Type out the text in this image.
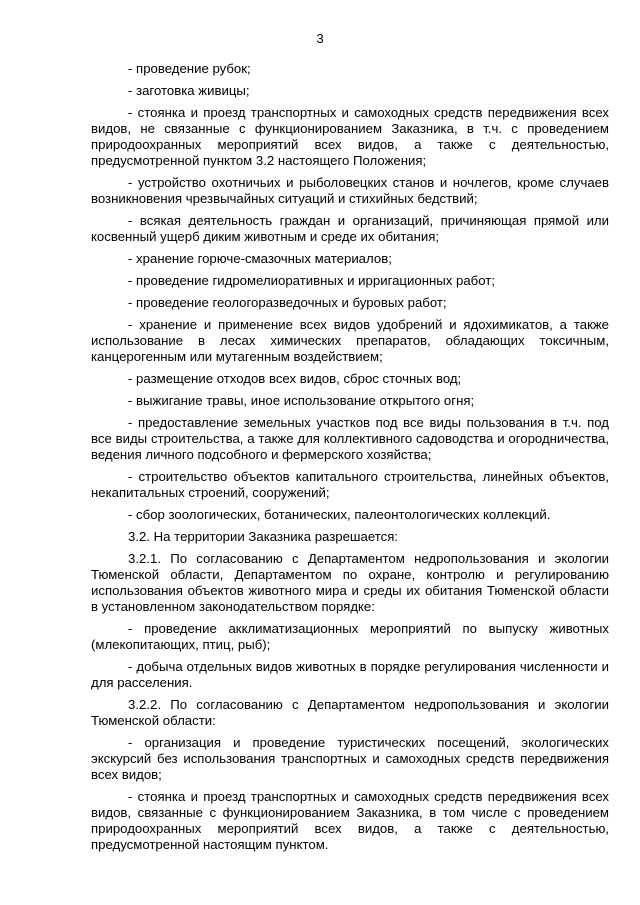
3

- проведение рубок;

- заготовка живицы;

- стоянка и проезд транспортных и самоходных средств передвижения всех видов, не связанные с функционированием Заказника, в т.ч. с проведением природоохранных мероприятий всех видов, а также с деятельностью, предусмотренной пунктом 3.2 настоящего Положения;

- устройство охотничьих и рыболовецких станов и ночлегов, кроме случаев возникновения чрезвычайных ситуаций и стихийных бедствий;

- всякая деятельность граждан и организаций, причиняющая прямой или косвенный ущерб диким животным и среде их обитания;

- хранение горюче-смазочных материалов;

- проведение гидромелиоративных и ирригационных работ;

- проведение геологоразведочных и буровых работ;

- хранение и применение всех видов удобрений и ядохимикатов, а также использование в лесах химических препаратов, обладающих токсичным, канцерогенным или мутагенным воздействием;

- размещение отходов всех видов, сброс сточных вод;

- выжигание травы, иное использование открытого огня;

- предоставление земельных участков под все виды пользования в т.ч. под все виды строительства, а также для коллективного садоводства и огородничества, ведения личного подсобного и фермерского хозяйства;

- строительство объектов капитального строительства, линейных объектов, некапитальных строений, сооружений;

- сбор зоологических, ботанических, палеонтологических коллекций.

3.2. На территории Заказника разрешается:

3.2.1. По согласованию с Департаментом недропользования и экологии Тюменской области, Департаментом по охране, контролю и регулированию использования объектов животного мира и среды их обитания Тюменской области в установленном законодательством порядке:

- проведение акклиматизационных мероприятий по выпуску животных (млекопитающих, птиц, рыб);

- добыча отдельных видов животных в порядке регулирования численности и для расселения.

3.2.2. По согласованию с Департаментом недропользования и экологии Тюменской области:

- организация и проведение туристических посещений, экологических экскурсий без использования транспортных и самоходных средств передвижения всех видов;

- стоянка и проезд транспортных и самоходных средств передвижения всех видов, связанные с функционированием Заказника, в том числе с проведением природоохранных мероприятий всех видов, а также с деятельностью, предусмотренной настоящим пунктом.
